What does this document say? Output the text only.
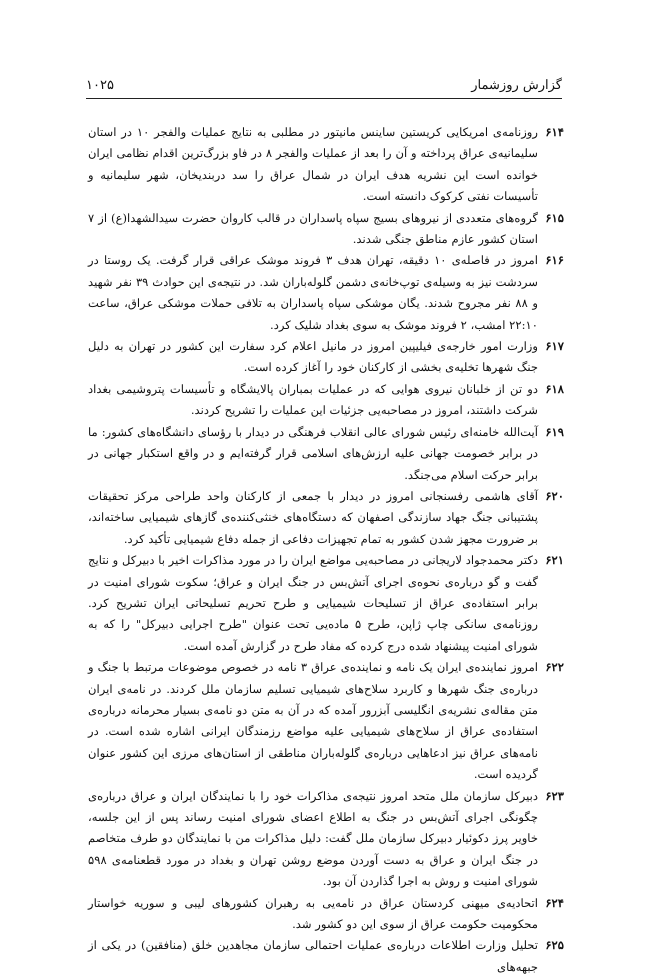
گزارش روزشمار
۱۰۲۵
۶۱۴
روزنامه‌ی امریکایی کریستین ساینس مانیتور در مطلبی به نتایج عملیات والفجر ۱۰ در استان سلیمانیه‌ی عراق پرداخته و آن را بعد از عملیات والفجر ۸ در فاو بزرگ‌ترین اقدام نظامی ایران خوانده است این نشریه هدف ایران در شمال عراق را سد دربندیخان، شهر سلیمانیه و تأسیسات نفتی کرکوک دانسته است.
۶۱۵
گروه‌های متعددی از نیروهای بسیج سپاه پاسداران در قالب کاروان حضرت سیدالشهدا(ع) از ۷ استان کشور عازم مناطق جنگی شدند.
۶۱۶
امروز در فاصله‌ی ۱۰ دقیقه، تهران هدف ۳ فروند موشک عراقی قرار گرفت. یک روستا در سردشت نیز به وسیله‌ی توپ‌خانه‌ی دشمن گلوله‌باران شد. در نتیجه‌ی این حوادث ۳۹ نفر شهید و ۸۸ نفر مجروح شدند. یگان موشکی سپاه پاسداران به تلافی حملات موشکی عراق، ساعت ۲۲:۱۰ امشب، ۲ فروند موشک به سوی بغداد شلیک کرد.
۶۱۷
وزارت امور خارجه‌ی فیلیپین امروز در مانیل اعلام کرد سفارت این کشور در تهران به دلیل جنگ شهرها تخلیه‌ی بخشی از کارکنان خود را آغاز کرده است.
۶۱۸
دو تن از خلبانان نیروی هوایی که در عملیات بمباران پالایشگاه و تأسیسات پتروشیمی بغداد شرکت داشتند، امروز در مصاحبه‌یی جزئیات این عملیات را تشریح کردند.
۶۱۹
آیت‌الله خامنه‌ای رئیس شورای عالی انقلاب فرهنگی در دیدار با رؤسای دانشگاه‌های کشور: ما در برابر خصومت جهانی علیه ارزش‌های اسلامی قرار گرفته‌ایم و در واقع استکبار جهانی در برابر حرکت اسلام می‌جنگد.
۶۲۰
آقای هاشمی رفسنجانی امروز در دیدار با جمعی از کارکنان واحد طراحی مرکز تحقیقات پشتیبانی جنگ جهاد سازندگی اصفهان که دستگاه‌های خنثی‌کننده‌ی گازهای شیمیایی ساخته‌اند، بر ضرورت مجهز شدن کشور به تمام تجهیزات دفاعی از جمله دفاع شیمیایی تأکید کرد.
۶۲۱
دکتر محمدجواد لاریجانی در مصاحبه‌یی مواضع ایران را در مورد مذاکرات اخیر با دبیرکل و نتایج گفت و گو درباره‌ی نحوه‌ی اجرای آتش‌بس در جنگ ایران و عراق؛ سکوت شورای امنیت در برابر استفاده‌ی عراق از تسلیحات شیمیایی و طرح تحریم تسلیحاتی ایران تشریح کرد. روزنامه‌ی سانکی چاپ ژاپن، طرح ۵ ماده‌یی تحت عنوان "طرح اجرایی دبیرکل" را که به شورای امنیت پیشنهاد شده درج کرده که مفاد طرح در گزارش آمده است.
۶۲۲
امروز نماینده‌ی ایران یک نامه و نماینده‌ی عراق ۳ نامه در خصوص موضوعات مرتبط با جنگ و درباره‌ی جنگ شهرها و کاربرد سلاح‌های شیمیایی تسلیم سازمان ملل کردند. در نامه‌ی ایران متن مقاله‌ی نشریه‌ی انگلیسی آبزرور آمده که در آن به متن دو نامه‌ی بسیار محرمانه درباره‌ی استفاده‌ی عراق از سلاح‌های شیمیایی علیه مواضع رزمندگان ایرانی اشاره شده است. در نامه‌های عراق نیز ادعاهایی درباره‌ی گلوله‌باران مناطقی از استان‌های مرزی این کشور عنوان گردیده است.
۶۲۳
دبیرکل سازمان ملل متحد امروز نتیجه‌ی مذاکرات خود را با نمایندگان ایران و عراق درباره‌ی چگونگی اجرای آتش‌بس در جنگ به اطلاع اعضای شورای امنیت رساند پس از این جلسه، خاویر پرز دکوئیار دبیرکل سازمان ملل گفت: دلیل مذاکرات من با نمایندگان دو طرف متخاصم در جنگ ایران و عراق به دست آوردن موضع روشن تهران و بغداد در مورد قطعنامه‌ی ۵۹۸ شورای امنیت و روش به اجرا گذاردن آن بود.
۶۲۴
اتحادیه‌ی میهنی کردستان عراق در نامه‌یی به رهبران کشورهای لیبی و سوریه خواستار محکومیت حکومت عراق از سوی این دو کشور شد.
۶۲۵
تحلیل وزارت اطلاعات درباره‌ی عملیات احتمالی سازمان مجاهدین خلق (منافقین) در یکی از جبهه‌های
